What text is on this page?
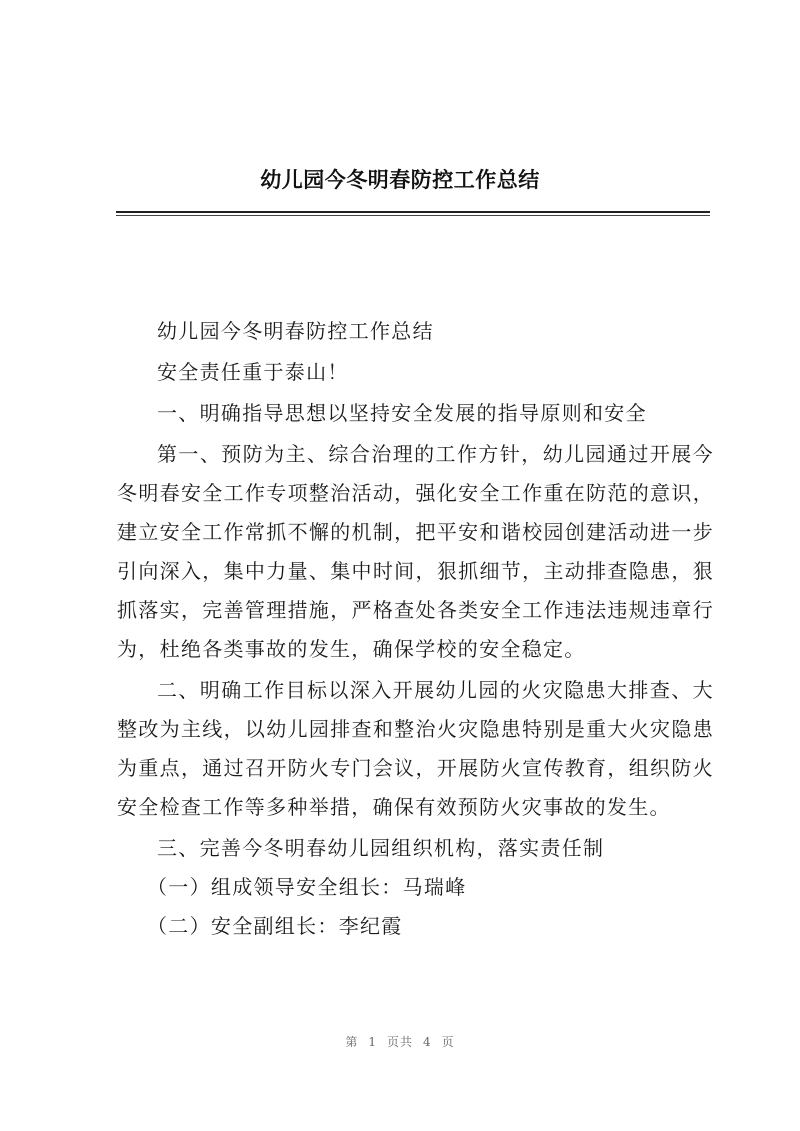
幼儿园今冬明春防控工作总结

幼儿园今冬明春防控工作总结

安全责任重于泰山！

一、明确指导思想以坚持安全发展的指导原则和安全

第一、预防为主、综合治理的工作方针，幼儿园通过开展今冬明春安全工作专项整治活动，强化安全工作重在防范的意识，建立安全工作常抓不懈的机制，把平安和谐校园创建活动进一步引向深入，集中力量、集中时间，狠抓细节，主动排查隐患，狠抓落实，完善管理措施，严格查处各类安全工作违法违规违章行为，杜绝各类事故的发生，确保学校的安全稳定。

二、明确工作目标以深入开展幼儿园的火灾隐患大排查、大整改为主线，以幼儿园排查和整治火灾隐患特别是重大火灾隐患为重点，通过召开防火专门会议，开展防火宣传教育，组织防火安全检查工作等多种举措，确保有效预防火灾事故的发生。

三、完善今冬明春幼儿园组织机构，落实责任制

（一）组成领导安全组长：马瑞峰

（二）安全副组长：李纪霞

第 1 页共 4 页
